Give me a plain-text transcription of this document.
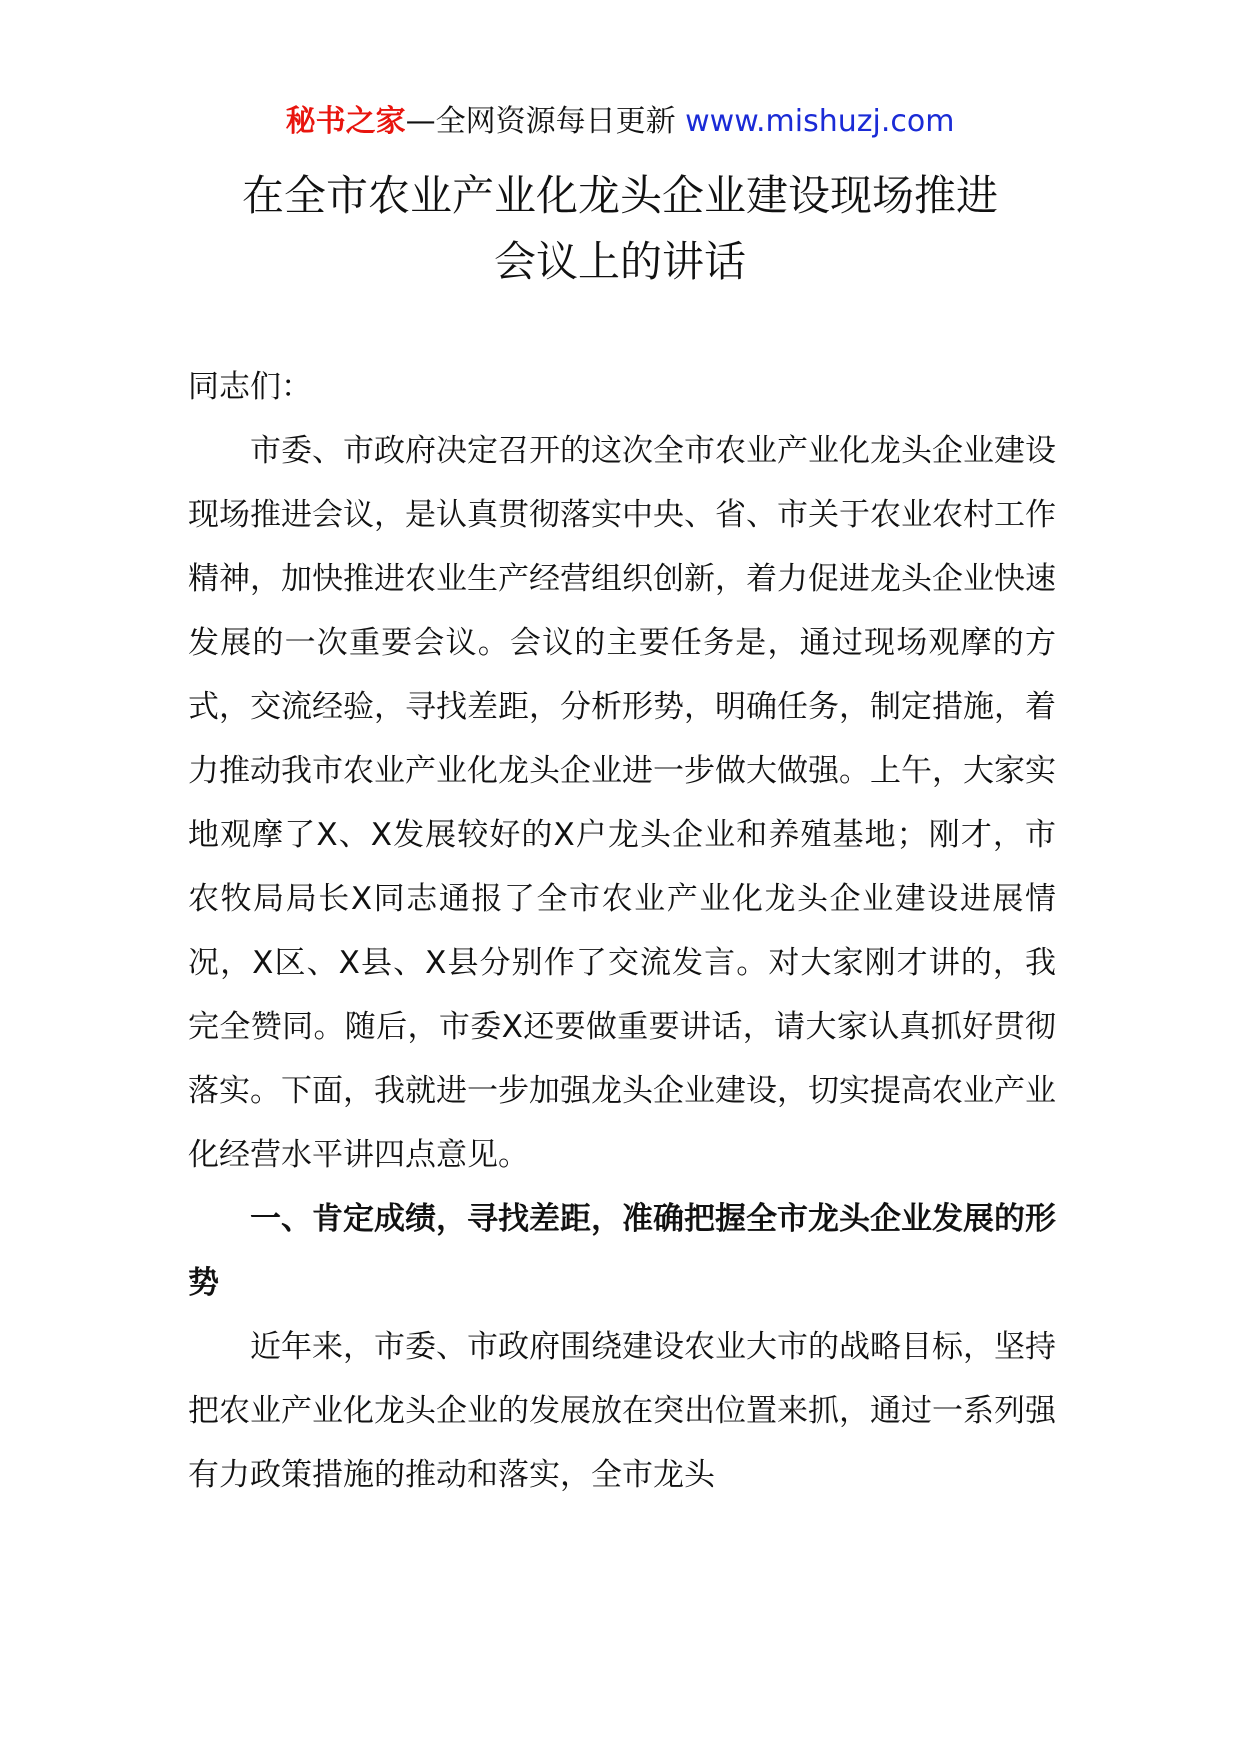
秘书之家—全网资源每日更新 www.mishuzj.com
在全市农业产业化龙头企业建设现场推进
会议上的讲话

同志们：

市委、市政府决定召开的这次全市农业产业化龙头企业建设现场推进会议，是认真贯彻落实中央、省、市关于农业农村工作精神，加快推进农业生产经营组织创新，着力促进龙头企业快速发展的一次重要会议。会议的主要任务是，通过现场观摩的方式，交流经验，寻找差距，分析形势，明确任务，制定措施，着力推动我市农业产业化龙头企业进一步做大做强。上午，大家实地观摩了X、X发展较好的X户龙头企业和养殖基地；刚才，市农牧局局长X同志通报了全市农业产业化龙头企业建设进展情况，X区、X县、X县分别作了交流发言。对大家刚才讲的，我完全赞同。随后，市委X还要做重要讲话，请大家认真抓好贯彻落实。下面，我就进一步加强龙头企业建设，切实提高农业产业化经营水平讲四点意见。

一、肯定成绩，寻找差距，准确把握全市龙头企业发展的形势

近年来，市委、市政府围绕建设农业大市的战略目标，坚持把农业产业化龙头企业的发展放在突出位置来抓，通过一系列强有力政策措施的推动和落实，全市龙头
